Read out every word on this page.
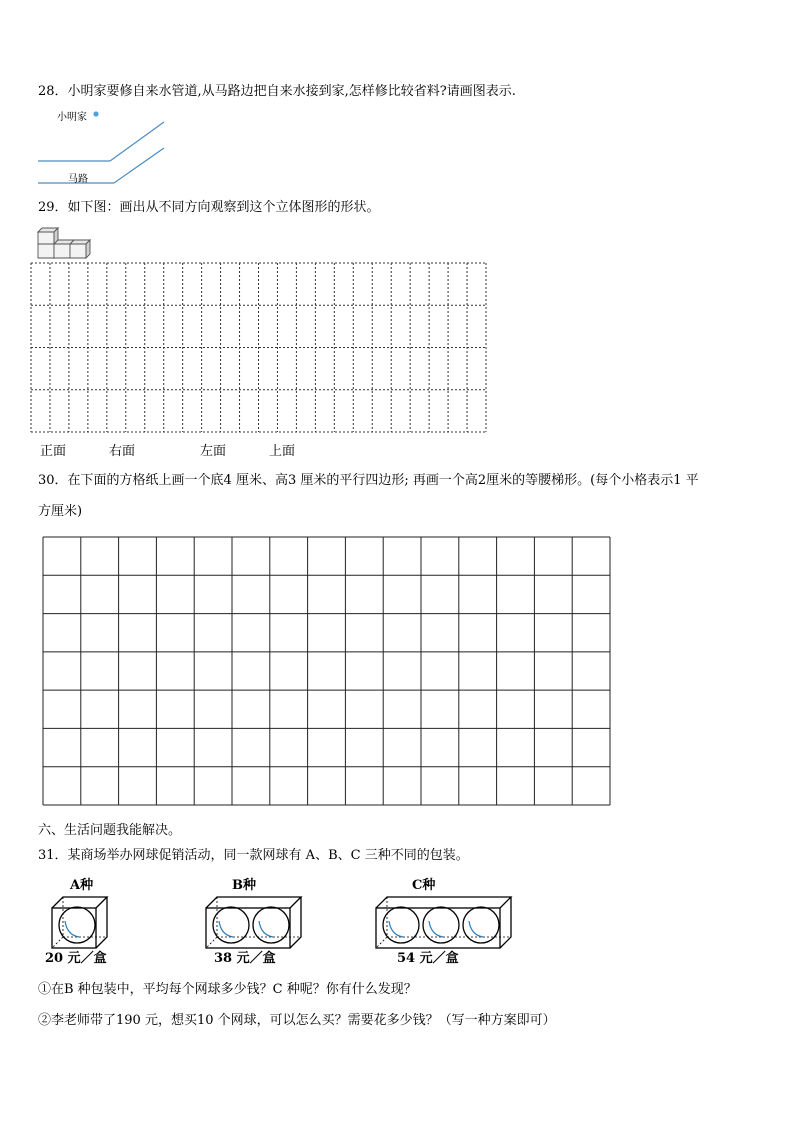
28．小明家要修自来水管道,从马路边把自来水接到家,怎样修比较省料?请画图表示.
小明家
马路
29．如下图：画出从不同方向观察到这个立体图形的形状。
正面	右面	左面	上面
30．在下面的方格纸上画一个底4 厘米、高3 厘米的平行四边形; 再画一个高2厘米的等腰梯形。(每个小格表示1 平
方厘米)
六、生活问题我能解决。
31．某商场举办网球促销活动，同一款网球有 A、B、C 三种不同的包装。
A种	B种	C种
20 元／盒	38 元／盒	54 元／盒
①在B 种包装中，平均每个网球多少钱？C 种呢？你有什么发现？
②李老师带了190 元，想买10 个网球，可以怎么买？需要花多少钱？（写一种方案即可）
